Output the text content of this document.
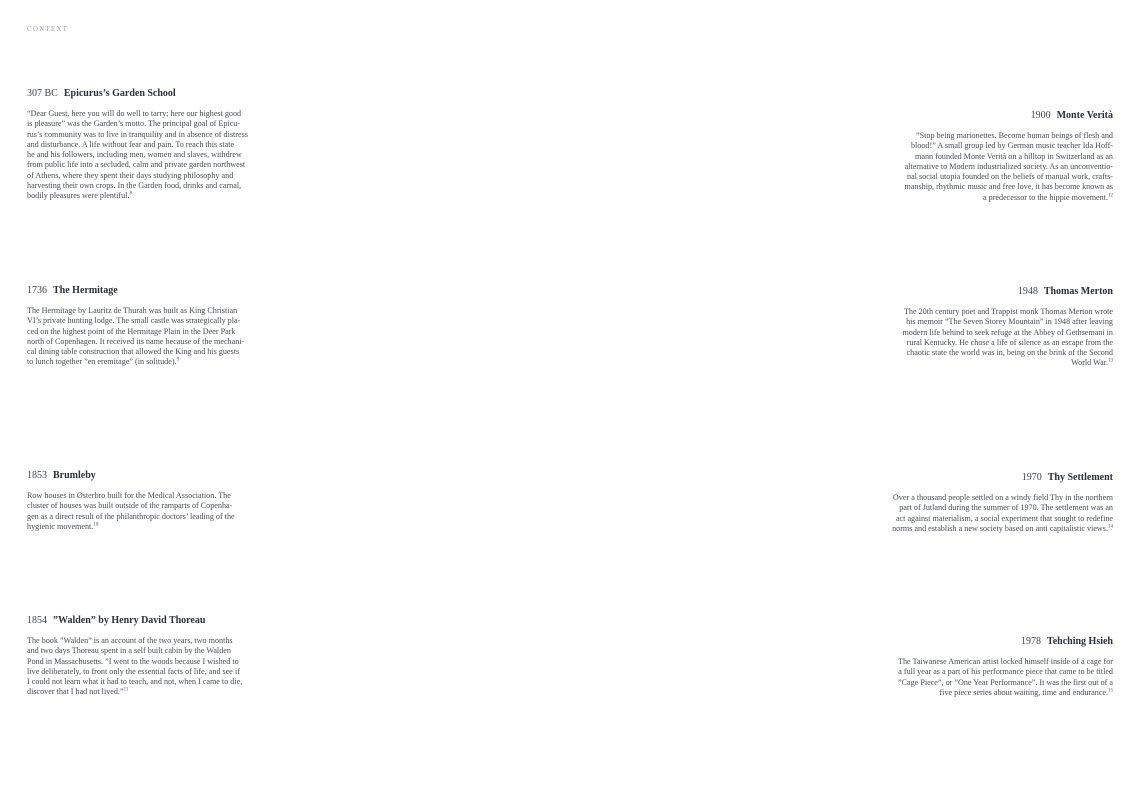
CONTEXT
307 BC Epicurus’s Garden School
“Dear Guest, here you will do well to tarry; here our highest good
is pleasure” was the Garden’s motto. The principal goal of Epicu-
rus’s community was to live in tranquility and in absence of distress
and disturbance. A life without fear and pain. To reach this state
he and his followers, including men, women and slaves, withdrew
from public life into a secluded, calm and private garden northwest
of Athens, where they spent their days studying philosophy and
harvesting their own crops. In the Garden food, drinks and carnal,
bodily pleasures were plentiful.$^8$
1736 The Hermitage
The Hermitage by Lauritz de Thurah was built as King Christian
VI’s private hunting lodge. The small castle was strategically pla-
ced on the highest point of the Hermitage Plain in the Deer Park
north of Copenhagen. It received its name because of the mechani-
cal dining table construction that allowed the King and his guests
to lunch together ”en eremitage” (in solitude).$^9$
1853 Brumleby
Row houses in Østerbro built for the Medical Association. The
cluster of houses was built outside of the ramparts of Copenha-
gen as a direct result of the philanthropic doctors’ leading of the
hygienic movement.$^{10}$
1854 ”Walden” by Henry David Thoreau
The book ”Walden” is an account of the two years, two months
and two days Thoreau spent in a self built cabin by the Walden
Pond in Massachusetts. ”I went to the woods because I wished to
live deliberately, to front only the essential facts of life, and see if
I could not learn what it had to teach, and not, when I came to die,
discover that I had not lived.”$^{11}$
1900 Monte Verità
”Stop being marionettes. Become human beings of flesh and
blood!” A small group led by German music teacher Ida Hoff-
mann founded Monte Verità on a hilltop in Switzerland as an
alternative to Modern industrialized society. As an unconventio-
nal social utopia founded on the beliefs of manual work, crafts-
manship, rhythmic music and free love, it has become known as
a predecessor to the hippie movement.$^{12}$
1948 Thomas Merton
The 20th century poet and Trappist monk Thomas Merton wrote
his memoir ”The Seven Storey Mountain” in 1948 after leaving
modern life behind to seek refuge at the Abbey of Gethsemani in
rural Kentucky. He chose a life of silence as an escape from the
chaotic state the world was in, being on the brink of the Second
World War.$^{13}$
1970 Thy Settlement
Over a thousand people settled on a windy field Thy in the northern
part of Jutland during the summer of 1970. The settlement was an
act against materialism, a social experiment that sought to redefine
norms and establish a new society based on anti capitalistic views.$^{14}$
1978 Tehching Hsieh
The Taiwanese American artist locked himself inside of a cage for
a full year as a part of his performance piece that came to be titled
”Cage Piece”, or ”One Year Performance”. It was the first out of a
five piece series about waiting, time and endurance.$^{15}$
